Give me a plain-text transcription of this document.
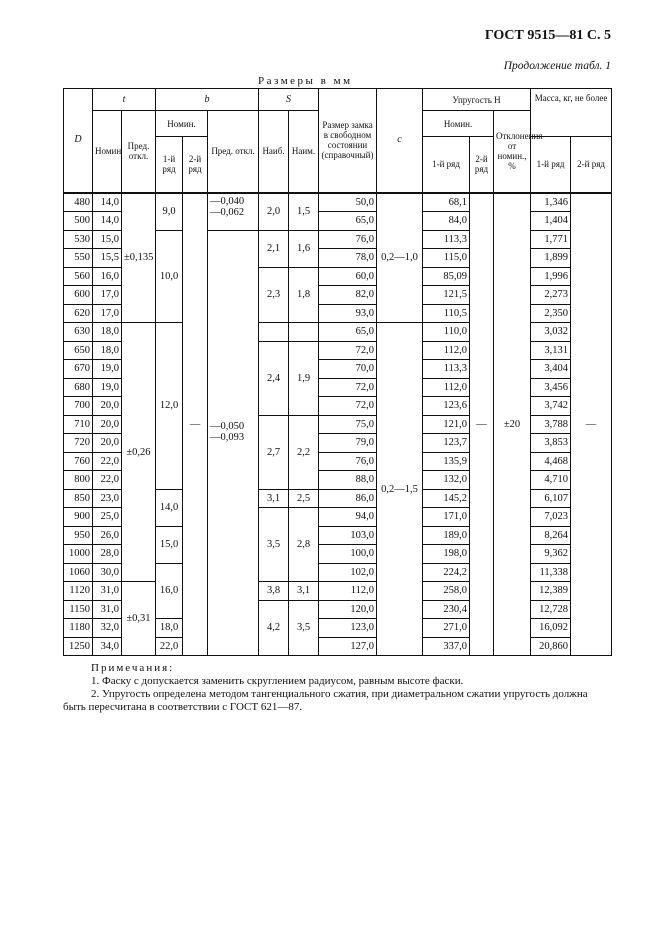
ГОСТ 9515—81 С. 5
Продолжение табл. 1
Размеры в мм
D	t		b			S		Размер замка в свободном состоянии (справочный)	c	Упругость Н			Масса, кг, не более	

	Номин	Пред. откл.	Номин.		Пред. откл.	Наиб.	Наим.			Номин.		Отклонения от номин., %		

			1-й ряд	2-й ряд						1-й ряд	2-й ряд		1-й ряд	2-й ряд
480	14,0	±0,135	9,0	—	—0,040 —0,062	2,0	1,5	50,0	0,2—1,0	68,1	—	±20	1,346	—
500	14,0							65,0		84,0			1,404	
530	15,0		10,0		—0,050 —0,093	2,1	1,6	76,0		113,3			1,771	
550	15,5							78,0		115,0			1,899	
560	16,0					2,3	1,8	60,0		85,09			1,996	
600	17,0							82,0		121,5			2,273	
620	17,0							93,0		110,5			2,350	
630	18,0	±0,26	12,0					65,0	0,2—1,5	110,0			3,032	
650	18,0					2,4	1,9	72,0		112,0			3,131	
670	19,0							70,0		113,3			3,404	
680	19,0							72,0		112,0			3,456	
700	20,0							72,0		123,6			3,742	
710	20,0					2,7	2,2	75,0		121,0			3,788	
720	20,0							79,0		123,7			3,853	
760	22,0							76,0		135,9			4,468	
800	22,0							88,0		132,0			4,710	
850	23,0		14,0			3,1	2,5	86,0		145,2			6,107	
900	25,0					3,5	2,8	94,0		171,0			7,023	
950	26,0		15,0					103,0		189,0			8,264	
1000	28,0							100,0		198,0			9,362	
1060	30,0		16,0					102,0		224,2			11,338	
1120	31,0	±0,31				3,8	3,1	112,0		258,0			12,389	
1150	31,0					4,2	3,5	120,0		230,4			12,728	
1180	32,0		18,0					123,0		271,0			16,092	
1250	34,0		22,0					127,0		337,0			20,860	
Примечания:
1. Фаску c допускается заменить скруглением радиусом, равным высоте фаски.
2. Упругость определена методом тангенциального сжатия, при диаметральном сжатии упругость должна быть пересчитана в соответствии с ГОСТ 621—87.
